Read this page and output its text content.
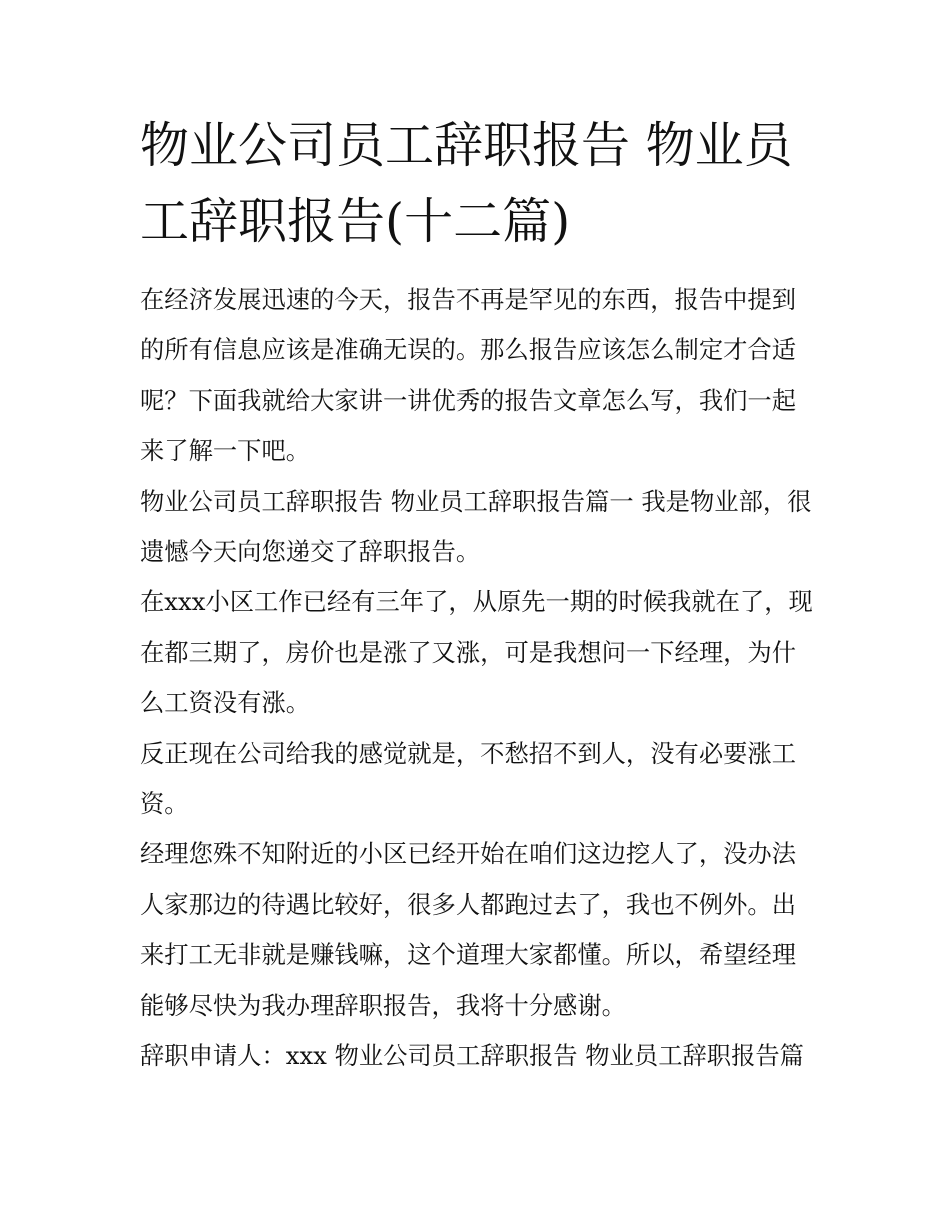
物业公司员工辞职报告 物业员工辞职报告(十二篇)

在经济发展迅速的今天，报告不再是罕见的东西，报告中提到的所有信息应该是准确无误的。那么报告应该怎么制定才合适呢？下面我就给大家讲一讲优秀的报告文章怎么写，我们一起来了解一下吧。

物业公司员工辞职报告 物业员工辞职报告篇一 我是物业部，很遗憾今天向您递交了辞职报告。

在xxx小区工作已经有三年了，从原先一期的时候我就在了，现在都三期了，房价也是涨了又涨，可是我想问一下经理，为什么工资没有涨。

反正现在公司给我的感觉就是，不愁招不到人，没有必要涨工资。

经理您殊不知附近的小区已经开始在咱们这边挖人了，没办法人家那边的待遇比较好，很多人都跑过去了，我也不例外。出来打工无非就是赚钱嘛，这个道理大家都懂。所以，希望经理能够尽快为我办理辞职报告，我将十分感谢。

辞职申请人：xxx 物业公司员工辞职报告 物业员工辞职报告篇
